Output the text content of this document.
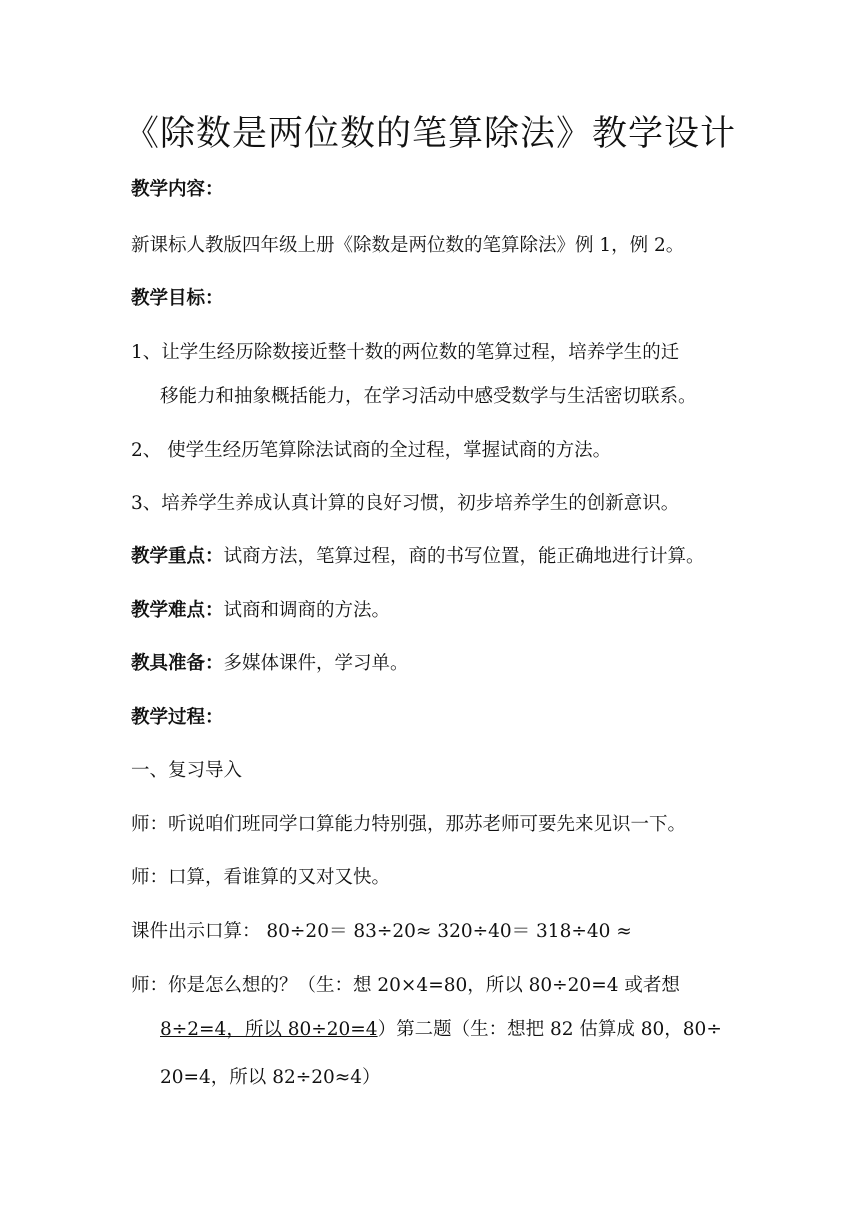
《除数是两位数的笔算除法》教学设计
教学内容：
新课标人教版四年级上册《除数是两位数的笔算除法》例 1，例 2。
教学目标：
1、让学生经历除数接近整十数的两位数的笔算过程，培养学生的迁
移能力和抽象概括能力，在学习活动中感受数学与生活密切联系。
2、 使学生经历笔算除法试商的全过程，掌握试商的方法。
3、培养学生养成认真计算的良好习惯，初步培养学生的创新意识。
教学重点：试商方法，笔算过程，商的书写位置，能正确地进行计算。
教学难点：试商和调商的方法。
教具准备：多媒体课件，学习单。
教学过程：
一、复习导入
师：听说咱们班同学口算能力特别强，那苏老师可要先来见识一下。
师：口算，看谁算的又对又快。
课件出示口算： 80÷20＝ 83÷20≈ 320÷40＝ 318÷40 ≈
师：你是怎么想的？（生：想 20×4=80，所以 80÷20=4 或者想
8÷2=4，所以 80÷20=4）第二题（生：想把 82 估算成 80，80÷
20=4，所以 82÷20≈4）
